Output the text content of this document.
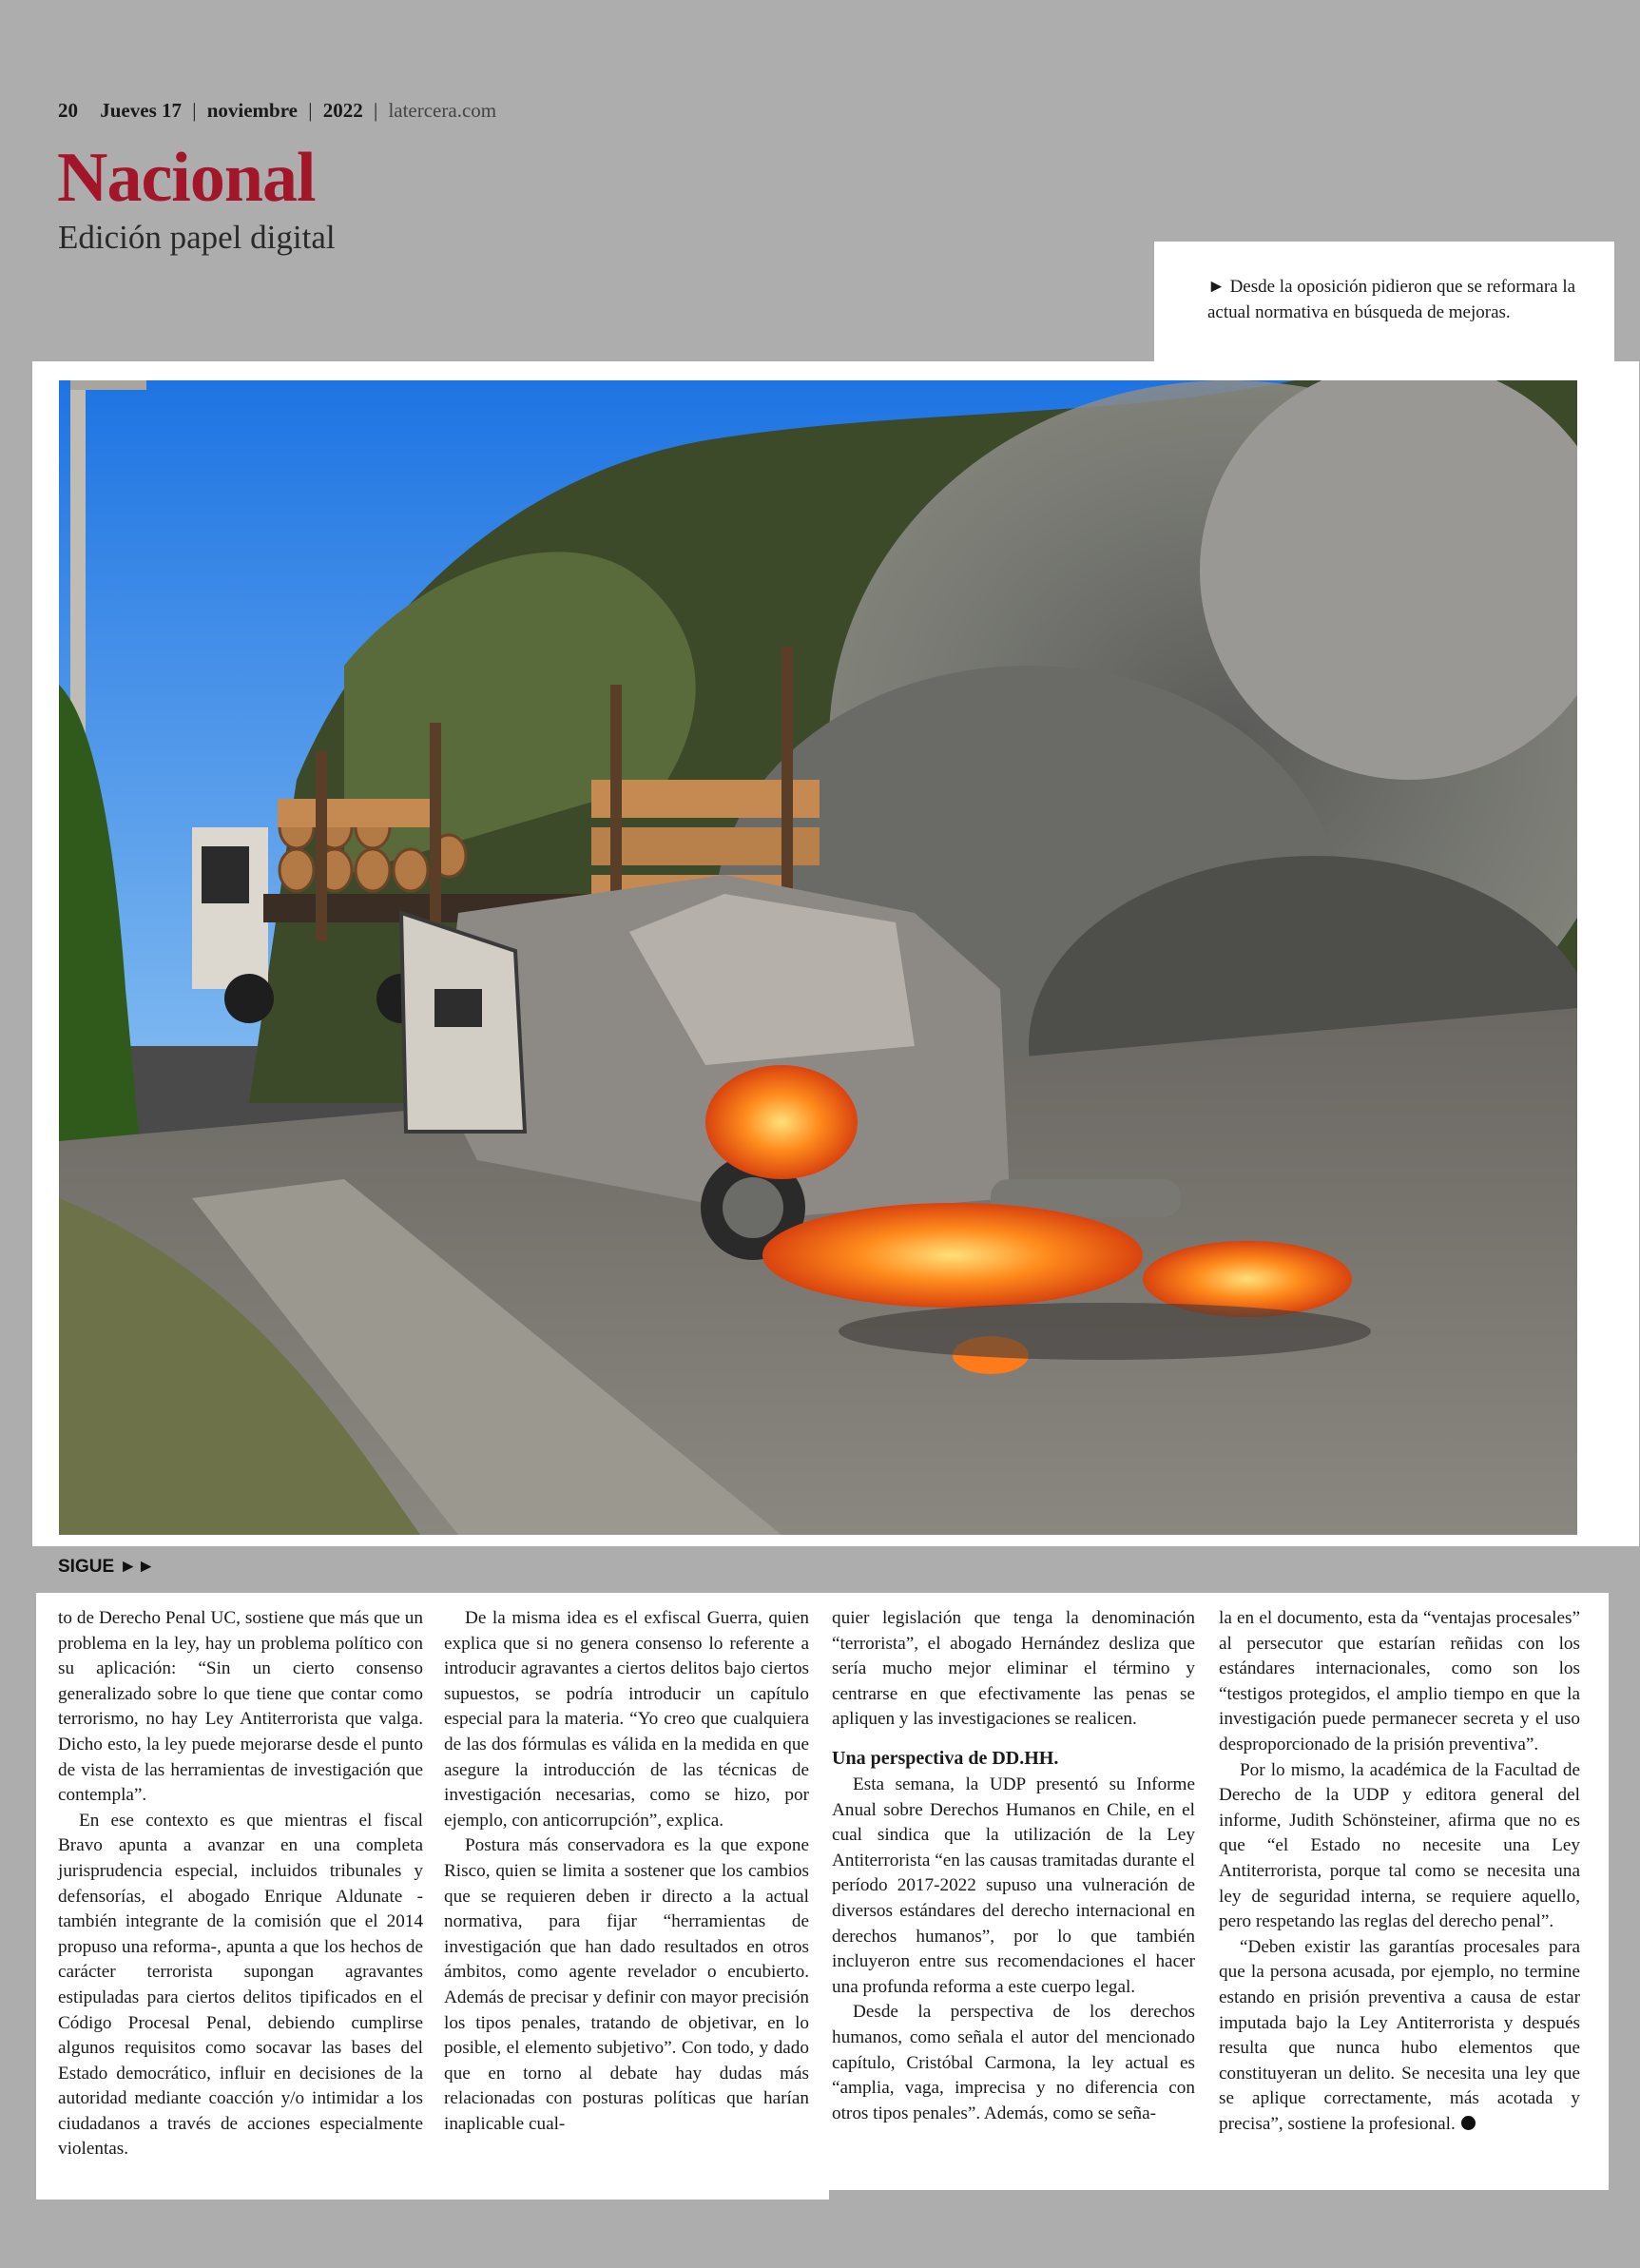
20 Jueves 17 | noviembre | 2022 | latercera.com
Nacional
Edición papel digital
► Desde la oposición pidieron que se reformara la actual normativa en búsqueda de mejoras.
SIGUE ►►

to de Derecho Penal UC, sostiene que más que un problema en la ley, hay un problema político con su aplicación: “Sin un cierto consenso generalizado sobre lo que tiene que contar como terrorismo, no hay Ley Antiterrorista que valga. Dicho esto, la ley puede mejorarse desde el punto de vista de las herramientas de investigación que contempla”.

En ese contexto es que mientras el fiscal Bravo apunta a avanzar en una completa jurisprudencia especial, incluidos tribunales y defensorías, el abogado Enrique Aldunate -también integrante de la comisión que el 2014 propuso una reforma-, apunta a que los hechos de carácter terrorista supongan agravantes estipuladas para ciertos delitos tipificados en el Código Procesal Penal, debiendo cumplirse algunos requisitos como socavar las bases del Estado democrático, influir en decisiones de la autoridad mediante coacción y/o intimidar a los ciudadanos a través de acciones especialmente violentas.

De la misma idea es el exfiscal Guerra, quien explica que si no genera consenso lo referente a introducir agravantes a ciertos delitos bajo ciertos supuestos, se podría introducir un capítulo especial para la materia. “Yo creo que cualquiera de las dos fórmulas es válida en la medida en que asegure la introducción de las técnicas de investigación necesarias, como se hizo, por ejemplo, con anticorrupción”, explica.

Postura más conservadora es la que expone Risco, quien se limita a sostener que los cambios que se requieren deben ir directo a la actual normativa, para fijar “herramientas de investigación que han dado resultados en otros ámbitos, como agente revelador o encubierto. Además de precisar y definir con mayor precisión los tipos penales, tratando de objetivar, en lo posible, el elemento subjetivo”. Con todo, y dado que en torno al debate hay dudas más relacionadas con posturas políticas que harían inaplicable cual-

quier legislación que tenga la denominación “terrorista”, el abogado Hernández desliza que sería mucho mejor eliminar el término y centrarse en que efectivamente las penas se apliquen y las investigaciones se realicen.

Una perspectiva de DD.HH.

Esta semana, la UDP presentó su Informe Anual sobre Derechos Humanos en Chile, en el cual sindica que la utilización de la Ley Antiterrorista “en las causas tramitadas durante el período 2017-2022 supuso una vulneración de diversos estándares del derecho internacional en derechos humanos”, por lo que también incluyeron entre sus recomendaciones el hacer una profunda reforma a este cuerpo legal.

Desde la perspectiva de los derechos humanos, como señala el autor del mencionado capítulo, Cristóbal Carmona, la ley actual es “amplia, vaga, imprecisa y no diferencia con otros tipos penales”. Además, como se seña-

la en el documento, esta da “ventajas procesales” al persecutor que estarían reñidas con los estándares internacionales, como son los “testigos protegidos, el amplio tiempo en que la investigación puede permanecer secreta y el uso desproporcionado de la prisión preventiva”.

Por lo mismo, la académica de la Facultad de Derecho de la UDP y editora general del informe, Judith Schönsteiner, afirma que no es que “el Estado no necesite una Ley Antiterrorista, porque tal como se necesita una ley de seguridad interna, se requiere aquello, pero respetando las reglas del derecho penal”.

“Deben existir las garantías procesales para que la persona acusada, por ejemplo, no termine estando en prisión preventiva a causa de estar imputada bajo la Ley Antiterrorista y después resulta que nunca hubo elementos que constituyeran un delito. Se necesita una ley que se aplique correctamente, más acotada y precisa”, sostiene la profesional.
